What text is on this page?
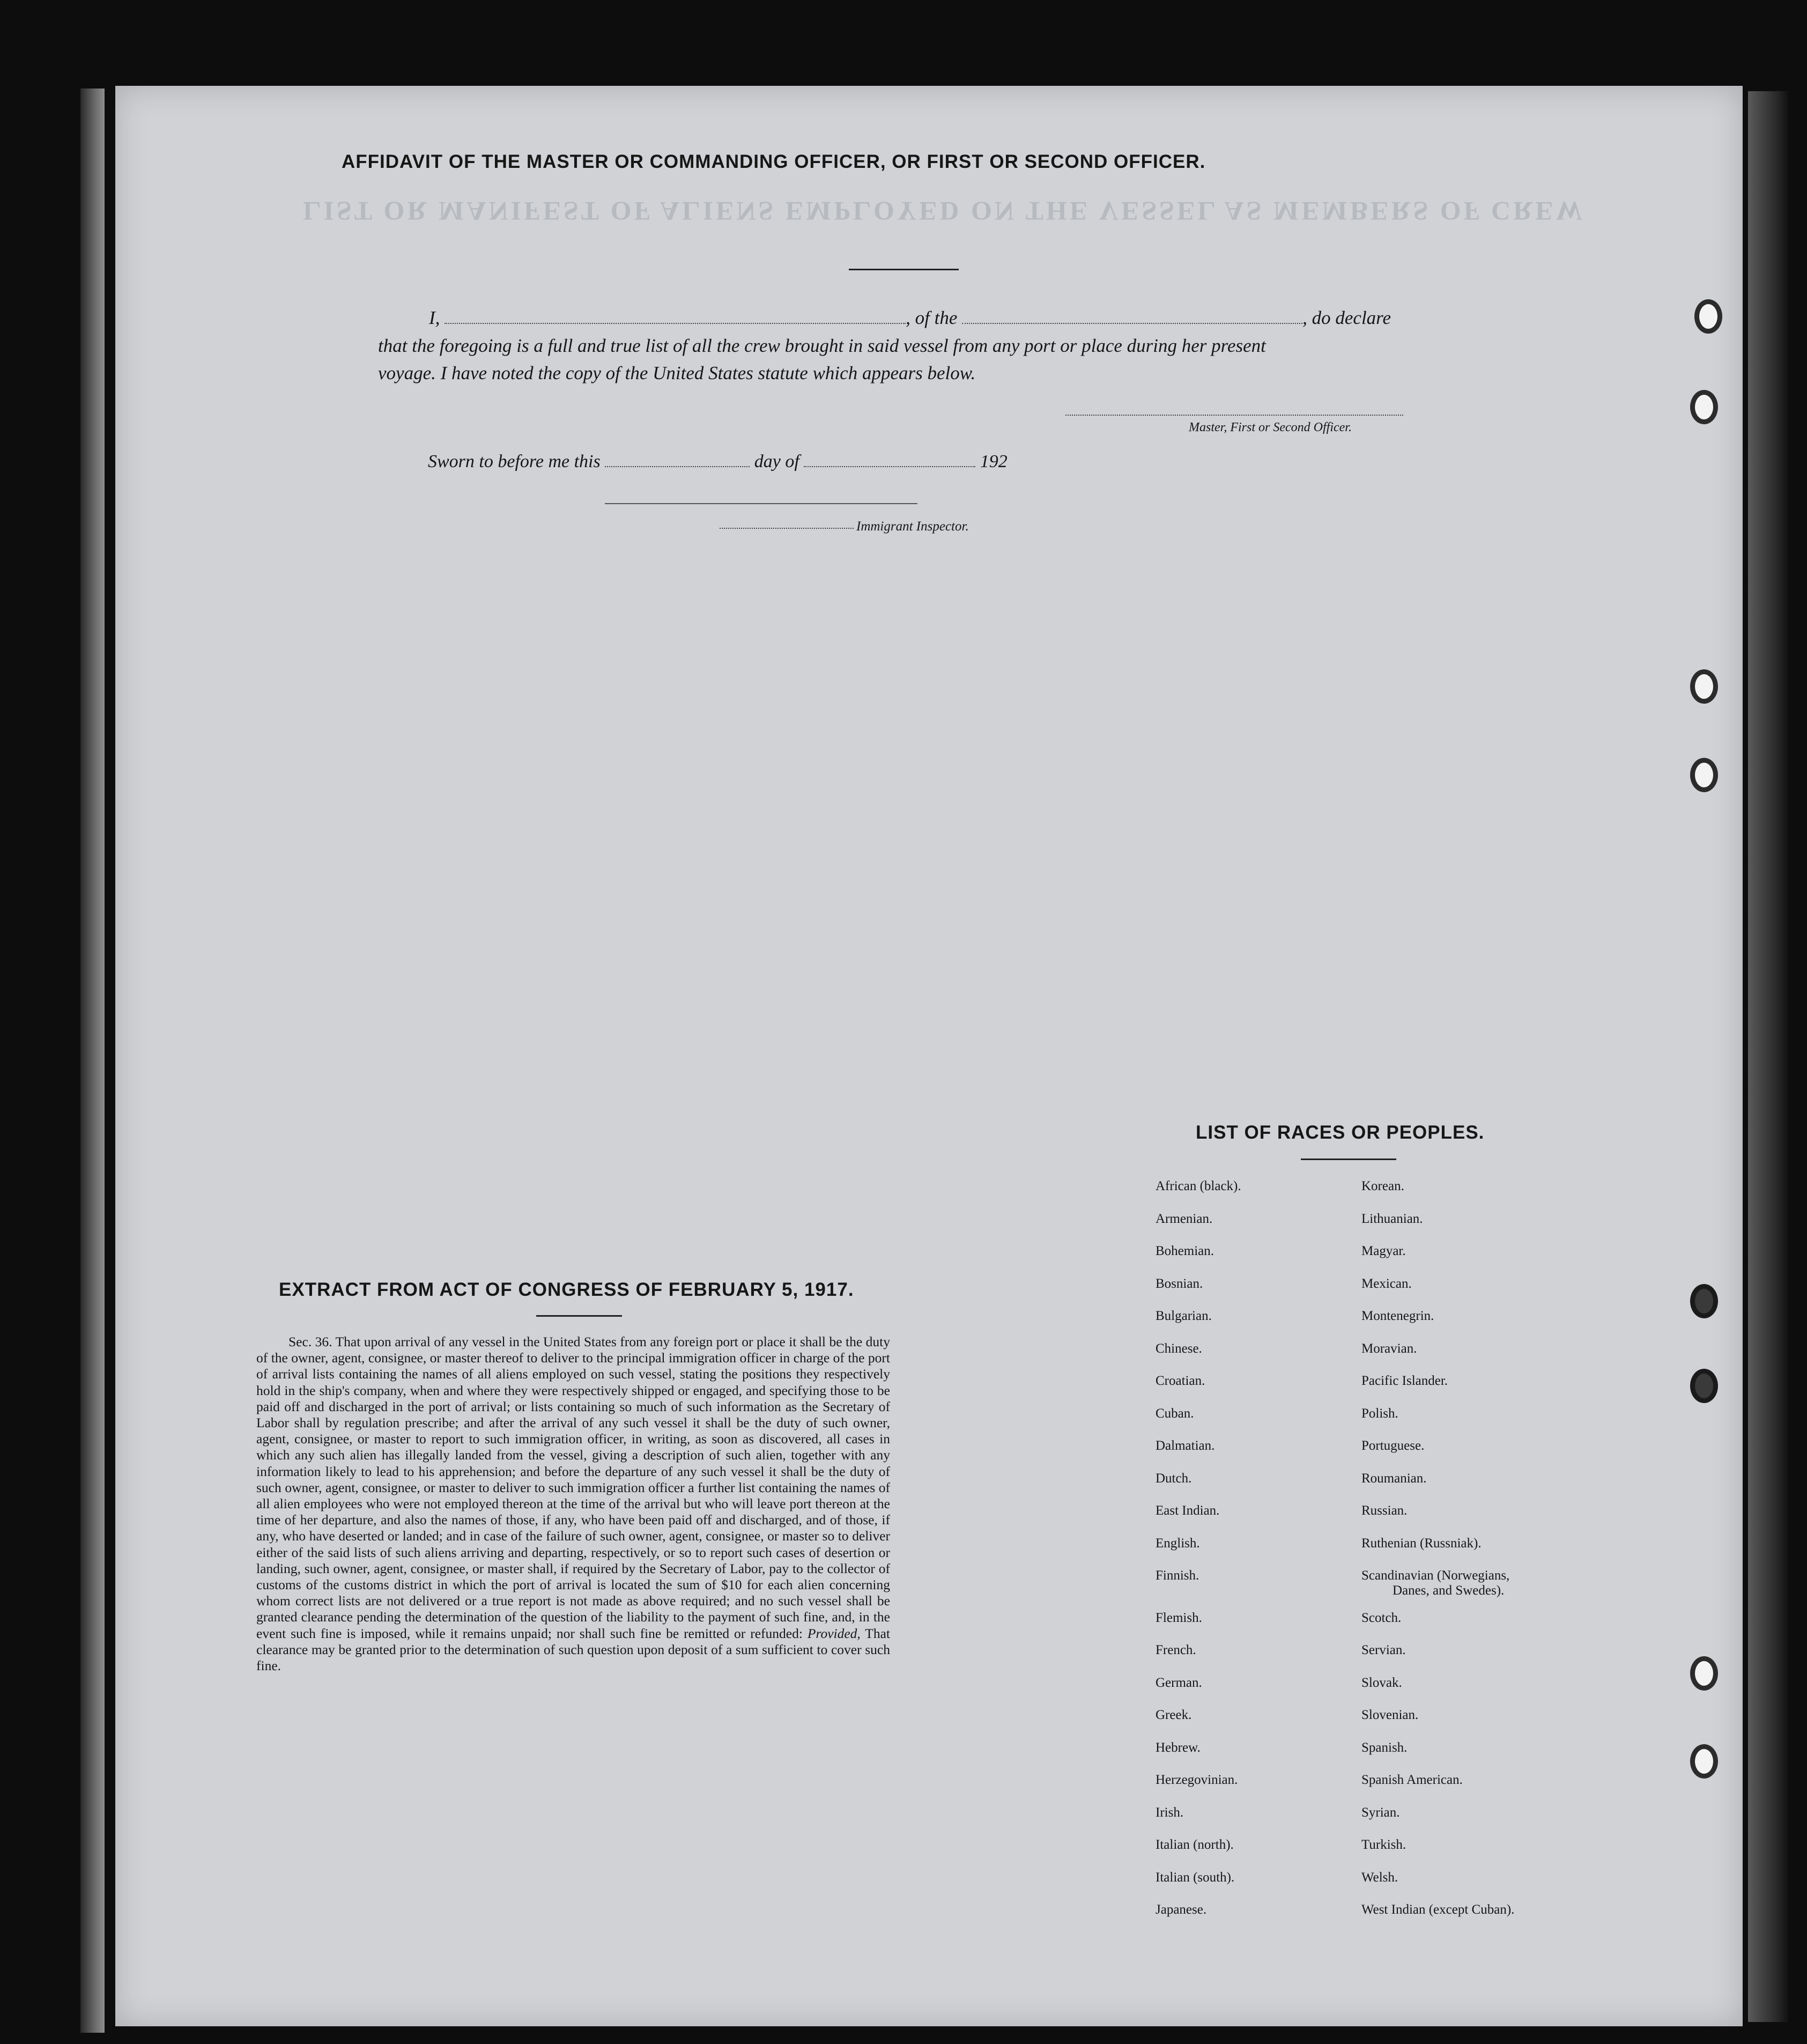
LIST OR MANIFEST OF ALIENS EMPLOYED ON THE VESSEL AS MEMBERS OF CREW
AFFIDAVIT OF THE MASTER OR COMMANDING OFFICER, OR FIRST OR SECOND OFFICER.
I,	, of the	, do declare
that the foregoing is a full and true list of all the crew brought in said vessel from any port or place during her present
voyage. I have noted the copy of the United States statute which appears below.
Master, First or Second Officer.
Sworn to before me this	day of	192
Immigrant Inspector.
EXTRACT FROM ACT OF CONGRESS OF FEBRUARY 5, 1917.
Sec. 36. That upon arrival of any vessel in the United States from any foreign port or place it shall be the duty of the owner, agent, consignee, or master thereof to deliver to the principal immigration officer in charge of the port of arrival lists containing the names of all aliens employed on such vessel, stating the positions they respectively hold in the ship's company, when and where they were respectively shipped or engaged, and specifying those to be paid off and discharged in the port of arrival; or lists containing so much of such information as the Secretary of Labor shall by regulation prescribe; and after the arrival of any such vessel it shall be the duty of such owner, agent, consignee, or master to report to such immigration officer, in writing, as soon as discovered, all cases in which any such alien has illegally landed from the vessel, giving a description of such alien, together with any information likely to lead to his apprehension; and before the departure of any such vessel it shall be the duty of such owner, agent, consignee, or master to deliver to such immigration officer a further list containing the names of all alien employees who were not employed thereon at the time of the arrival but who will leave port thereon at the time of her departure, and also the names of those, if any, who have been paid off and discharged, and of those, if any, who have deserted or landed; and in case of the failure of such owner, agent, consignee, or master so to deliver either of the said lists of such aliens arriving and departing, respectively, or so to report such cases of desertion or landing, such owner, agent, consignee, or master shall, if required by the Secretary of Labor, pay to the collector of customs of the customs district in which the port of arrival is located the sum of $10 for each alien concerning whom correct lists are not delivered or a true report is not made as above required; and no such vessel shall be granted clearance pending the determination of the question of the liability to the payment of such fine, and, in the event such fine is imposed, while it remains unpaid; nor shall such fine be remitted or refunded: Provided, That clearance may be granted prior to the determination of such question upon deposit of a sum sufficient to cover such fine.
LIST OF RACES OR PEOPLES.
African (black).
Armenian.
Bohemian.
Bosnian.
Bulgarian.
Chinese.
Croatian.
Cuban.
Dalmatian.
Dutch.
East Indian.
English.
Finnish.
Flemish.
French.
German.
Greek.
Hebrew.
Herzegovinian.
Irish.
Italian (north).
Italian (south).
Japanese.
Korean.
Lithuanian.
Magyar.
Mexican.
Montenegrin.
Moravian.
Pacific Islander.
Polish.
Portuguese.
Roumanian.
Russian.
Ruthenian (Russniak).
Scandinavian (Norwegians,
Danes, and Swedes).
Scotch.
Servian.
Slovak.
Slovenian.
Spanish.
Spanish American.
Syrian.
Turkish.
Welsh.
West Indian (except Cuban).
